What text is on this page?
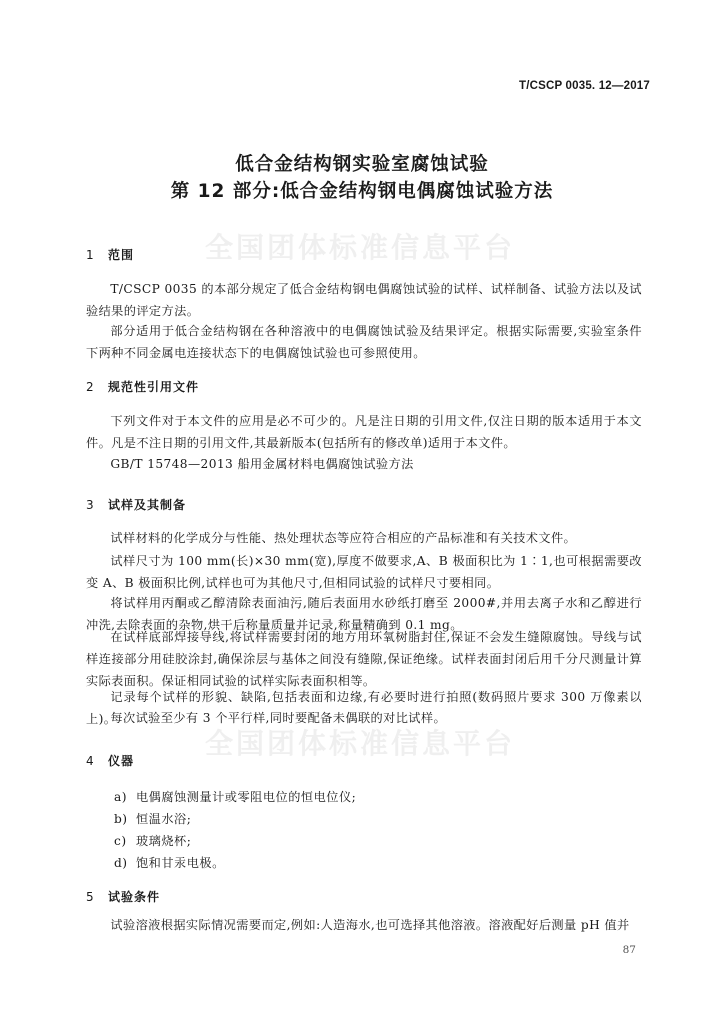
全国团体标准信息平台
全国团体标准信息平台
T/CSCP 0035. 12—2017
低合金结构钢实验室腐蚀试验
第 12 部分:低合金结构钢电偶腐蚀试验方法
1 范围

T/CSCP 0035 的本部分规定了低合金结构钢电偶腐蚀试验的试样、试样制备、试验方法以及试验结果的评定方法。

部分适用于低合金结构钢在各种溶液中的电偶腐蚀试验及结果评定。根据实际需要,实验室条件下两种不同金属电连接状态下的电偶腐蚀试验也可参照使用。

2 规范性引用文件

下列文件对于本文件的应用是必不可少的。凡是注日期的引用文件,仅注日期的版本适用于本文件。凡是不注日期的引用文件,其最新版本(包括所有的修改单)适用于本文件。

GB/T 15748—2013 船用金属材料电偶腐蚀试验方法

3 试样及其制备

试样材料的化学成分与性能、热处理状态等应符合相应的产品标准和有关技术文件。

试样尺寸为 100 mm(长)×30 mm(宽),厚度不做要求,A、B 极面积比为 1∶1,也可根据需要改变 A、B 极面积比例,试样也可为其他尺寸,但相同试验的试样尺寸要相同。

将试样用丙酮或乙醇清除表面油污,随后表面用水砂纸打磨至 2000#,并用去离子水和乙醇进行冲洗,去除表面的杂物,烘干后称量质量并记录,称量精确到 0.1 mg。

在试样底部焊接导线,将试样需要封闭的地方用环氧树脂封住,保证不会发生缝隙腐蚀。导线与试样连接部分用硅胶涂封,确保涂层与基体之间没有缝隙,保证绝缘。试样表面封闭后用千分尺测量计算实际表面积。保证相同试验的试样实际表面积相等。

记录每个试样的形貌、缺陷,包括表面和边缘,有必要时进行拍照(数码照片要求 300 万像素以上)。

每次试验至少有 3 个平行样,同时要配备未偶联的对比试样。

4 仪器
a) 电偶腐蚀测量计或零阻电位的恒电位仪;
b) 恒温水浴;
c) 玻璃烧杯;
d) 饱和甘汞电极。
5 试验条件

试验溶液根据实际情况需要而定,例如:人造海水,也可选择其他溶液。溶液配好后测量 pH 值并

87
